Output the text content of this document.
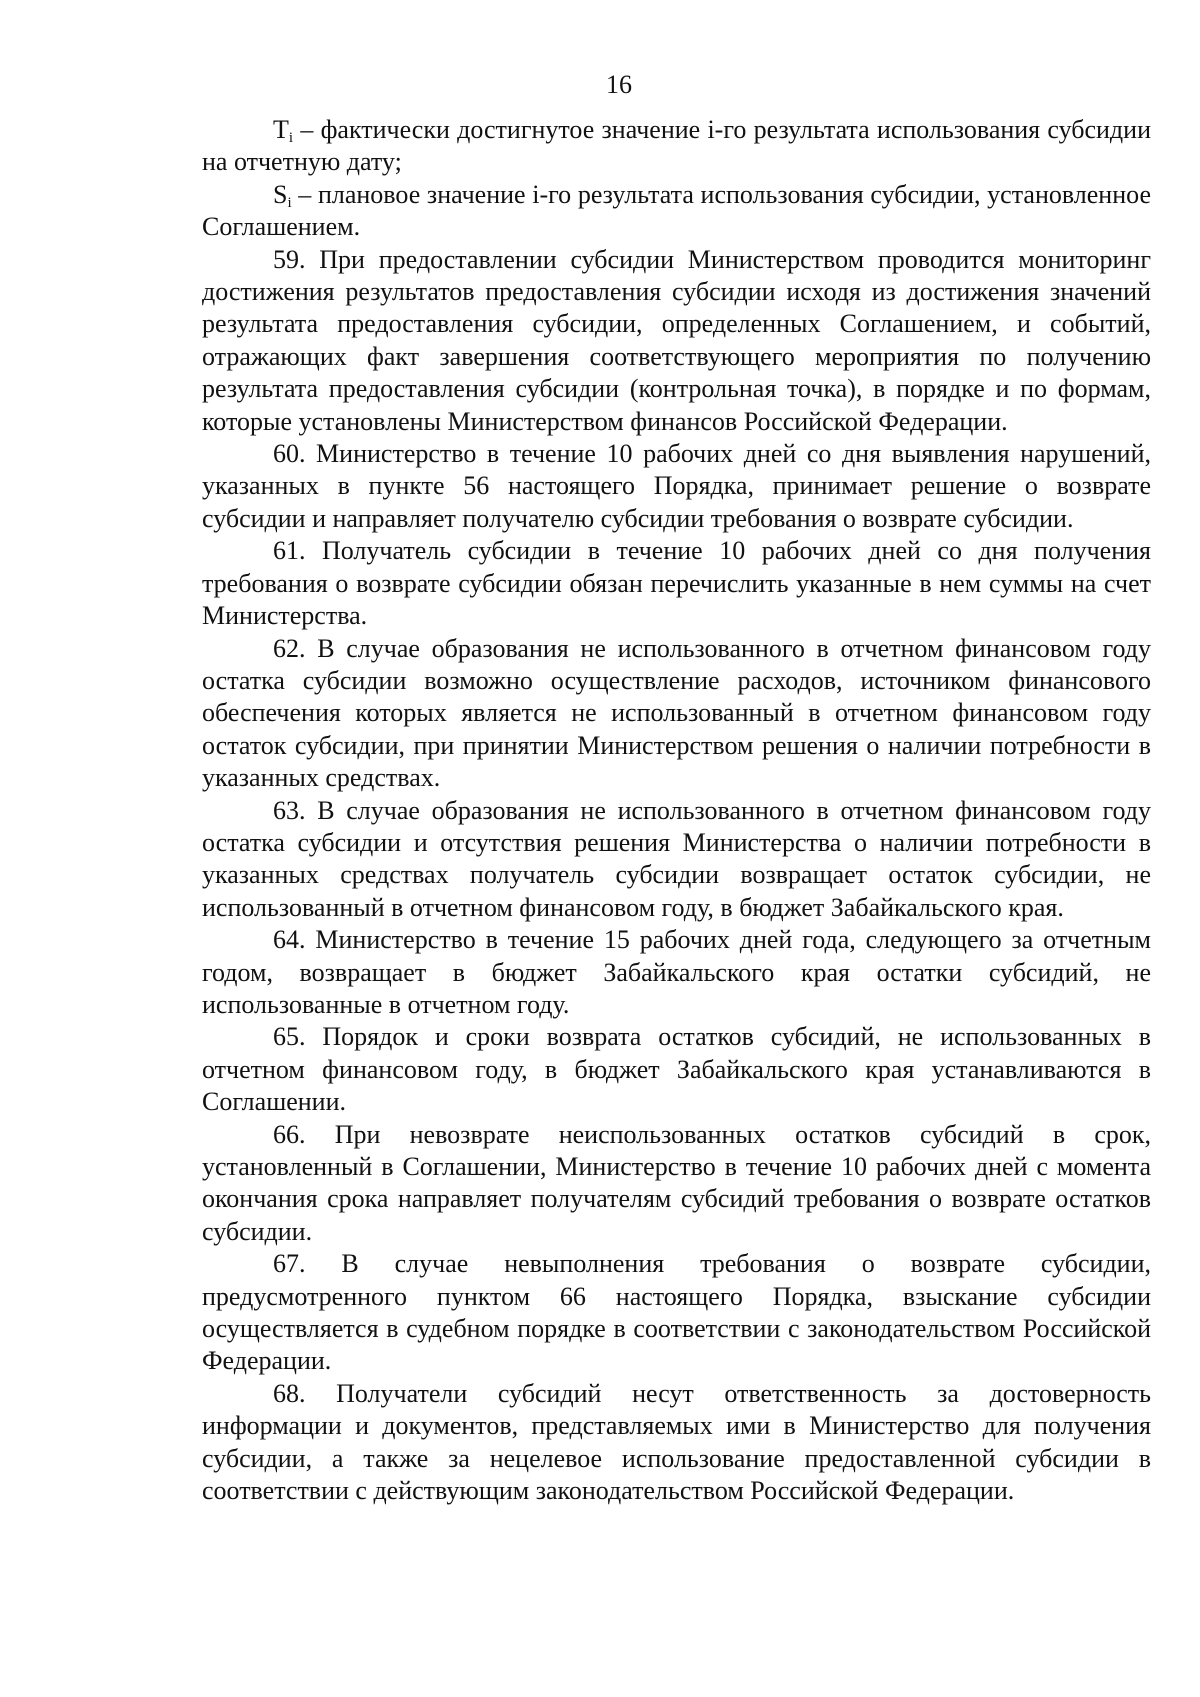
16

$T_i$ – фактически достигнутое значение i-го результата использования субсидии на отчетную дату;

$S_i$ – плановое значение i-го результата использования субсидии, установленное Соглашением.

59. При предоставлении субсидии Министерством проводится мониторинг достижения результатов предоставления субсидии исходя из достижения значений результата предоставления субсидии, определенных Соглашением, и событий, отражающих факт завершения соответствующего мероприятия по получению результата предоставления субсидии (контрольная точка), в порядке и по формам, которые установлены Министерством финансов Российской Федерации.

60. Министерство в течение 10 рабочих дней со дня выявления нарушений, указанных в пункте 56 настоящего Порядка, принимает решение о возврате субсидии и направляет получателю субсидии требования о возврате субсидии.

61. Получатель субсидии в течение 10 рабочих дней со дня получения требования о возврате субсидии обязан перечислить указанные в нем суммы на счет Министерства.

62. В случае образования не использованного в отчетном финансовом году остатка субсидии возможно осуществление расходов, источником финансового обеспечения которых является не использованный в отчетном финансовом году остаток субсидии, при принятии Министерством решения о наличии потребности в указанных средствах.

63. В случае образования не использованного в отчетном финансовом году остатка субсидии и отсутствия решения Министерства о наличии потребности в указанных средствах получатель субсидии возвращает остаток субсидии, не использованный в отчетном финансовом году, в бюджет Забайкальского края.

64. Министерство в течение 15 рабочих дней года, следующего за отчетным годом, возвращает в бюджет Забайкальского края остатки субсидий, не использованные в отчетном году.

65. Порядок и сроки возврата остатков субсидий, не использованных в отчетном финансовом году, в бюджет Забайкальского края устанавливаются в Соглашении.

66. При невозврате неиспользованных остатков субсидий в срок, установленный в Соглашении, Министерство в течение 10 рабочих дней с момента окончания срока направляет получателям субсидий требования о возврате остатков субсидии.

67. В случае невыполнения требования о возврате субсидии, предусмотренного пунктом 66 настоящего Порядка, взыскание субсидии осуществляется в судебном порядке в соответствии с законодательством Российской Федерации.

68. Получатели субсидий несут ответственность за достоверность информации и документов, представляемых ими в Министерство для получения субсидии, а также за нецелевое использование предоставленной субсидии в соответствии с действующим законодательством Российской Федерации.
